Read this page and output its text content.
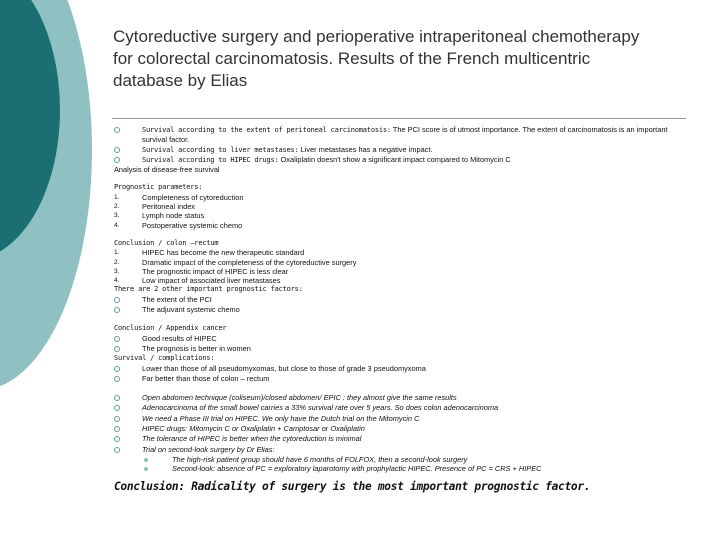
Cytoreductive surgery and perioperative intraperitoneal chemotherapy
for colorectal carcinomatosis. Results of the French multicentric
database by Elias
Survival according to the extent of peritoneal carcinomatosis: The PCI score is of utmost importance. The extent of carcinomatosis is an important survival factor.
Survival according to liver metastases: Liver metastases has a negative impact.
Survival according to HIPEC drugs: Oxaliplatin doesn't show a significant impact compared to Mitomycin C
Analysis of disease-free survival
Prognostic parameters:
1.	Completeness of cytoreduction
2.	Peritoneal index
3.	Lymph node status
4.	Postoperative systemic chemo
Conclusion / colon –rectum
1.	HIPEC has become the new therapeutic standard
2.	Dramatic impact of the completeness of the cytoreductive surgery
3.	The prognostic impact of HIPEC is less clear
4.	Low impact of associated liver metastases
There are 2 other important prognostic factors:
The extent of the PCI
The adjuvant systemic chemo
Conclusion / Appendix cancer
Good results of HIPEC
The prognosis is better in women
Survival / complications:
Lower than those of all pseudomyxomas, but close to those of grade 3 pseudomyxoma
Far better than those of colon – rectum
Open abdomen technique (coliseum)/closed abdomen/ EPIC : they almost give the same results
Adenocarcinoma of the small bowel carries a 33% survival rate over 5 years. So does colon adenocarcinoma
We need a Phase III trial on HIPEC. We only have the Dutch trial on the Mitomycin C
HIPEC drugs: Mitomycin C or Oxaliplatin + Camptosar or Oxaliplatin
The tolerance of HIPEC is better when the cytoreduction is minimal
Trial on second-look surgery by Dr Elias:
The high-risk patient group should have 6 months of FOLFOX, then a second-look surgery
Second-look: absence of PC = exploratory laparotomy with prophylactic HIPEC. Presence of PC = CRS + HIPEC
Conclusion: Radicality of surgery is the most important prognostic factor.
